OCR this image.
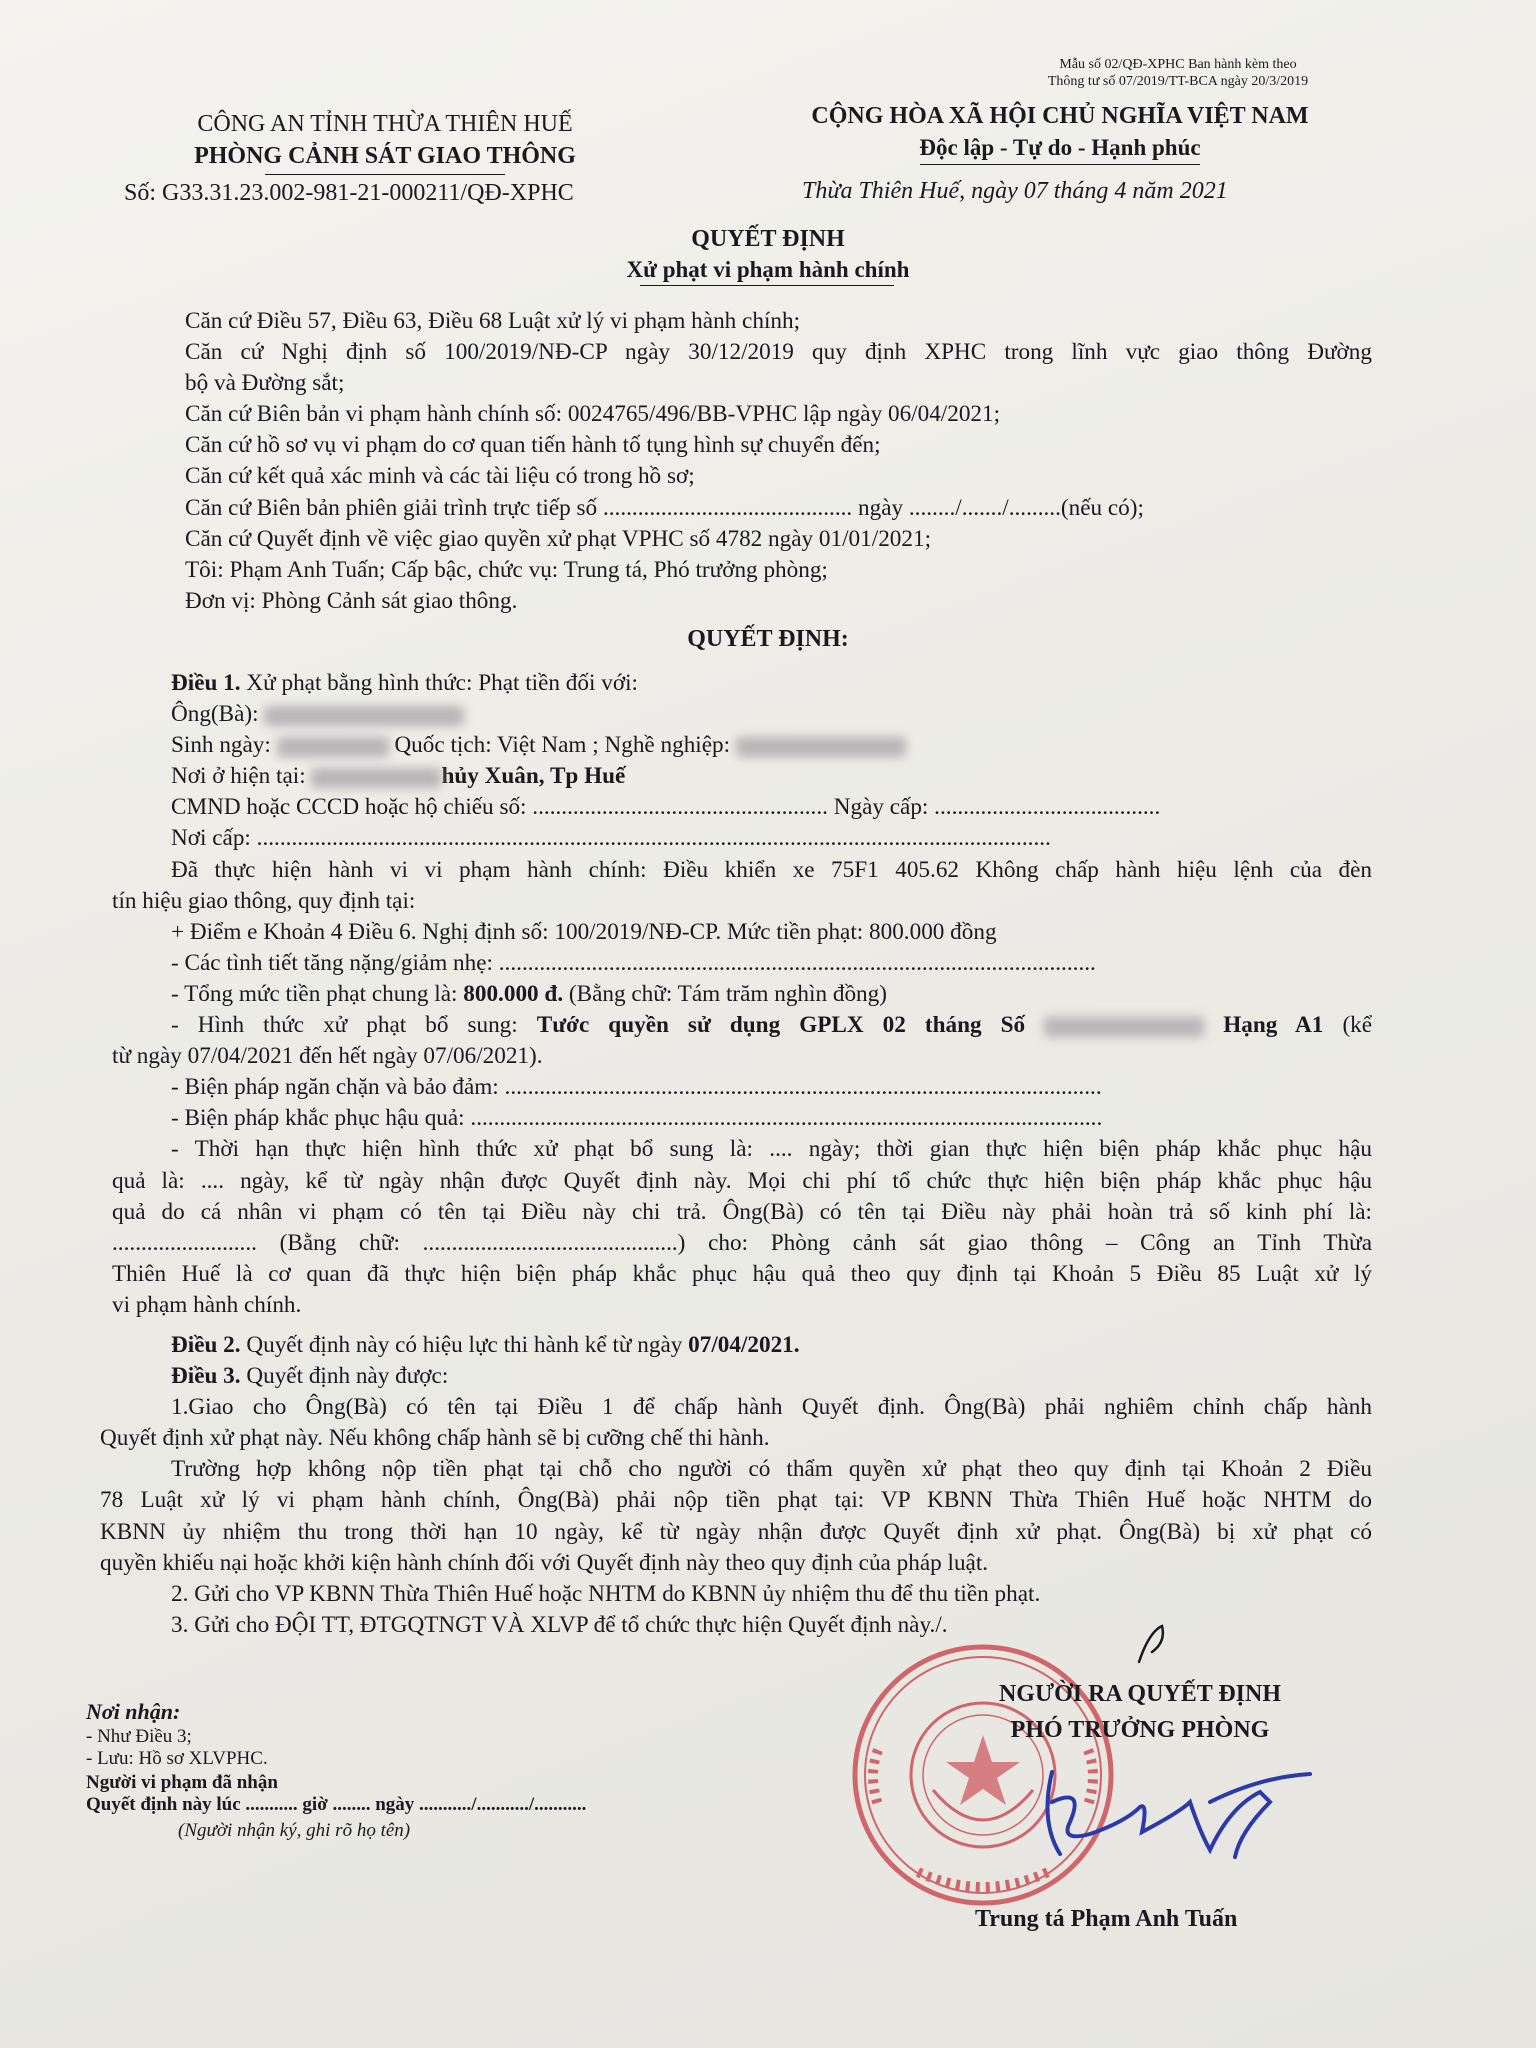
Mẫu số 02/QĐ-XPHC Ban hành kèm theo
Thông tư số 07/2019/TT-BCA ngày 20/3/2019
CÔNG AN TỈNH THỪA THIÊN HUẾ
PHÒNG CẢNH SÁT GIAO THÔNG
Số: G33.31.23.002-981-21-000211/QĐ-XPHC
CỘNG HÒA XÃ HỘI CHỦ NGHĨA VIỆT NAM
Độc lập - Tự do - Hạnh phúc
Thừa Thiên Huế, ngày 07 tháng 4 năm 2021
QUYẾT ĐỊNH
Xử phạt vi phạm hành chính
Căn cứ Điều 57, Điều 63, Điều 68 Luật xử lý vi phạm hành chính;
Căn cứ Nghị định số 100/2019/NĐ-CP ngày 30/12/2019 quy định XPHC trong lĩnh vực giao thông Đường
bộ và Đường sắt;
Căn cứ Biên bản vi phạm hành chính số: 0024765/496/BB-VPHC lập ngày 06/04/2021;
Căn cứ hồ sơ vụ vi phạm do cơ quan tiến hành tố tụng hình sự chuyển đến;
Căn cứ kết quả xác minh và các tài liệu có trong hồ sơ;
Căn cứ Biên bản phiên giải trình trực tiếp số ........................................... ngày ......../......./.........(nếu có);
Căn cứ Quyết định về việc giao quyền xử phạt VPHC số 4782 ngày 01/01/2021;
Tôi: Phạm Anh Tuấn; Cấp bậc, chức vụ: Trung tá, Phó trưởng phòng;
Đơn vị: Phòng Cảnh sát giao thông.
QUYẾT ĐỊNH:
Điều 1. Xử phạt bằng hình thức: Phạt tiền đối với:
Ông(Bà):
Sinh ngày:	Quốc tịch: Việt Nam ; Nghề nghiệp:
Nơi ở hiện tại:	hủy Xuân, Tp Huế
CMND hoặc CCCD hoặc hộ chiếu số: ................................................... Ngày cấp: .......................................
Nơi cấp: .........................................................................................................................................
Đã thực hiện hành vi vi phạm hành chính: Điều khiển xe 75F1 405.62 Không chấp hành hiệu lệnh của đèn
tín hiệu giao thông, quy định tại:
+ Điểm e Khoản 4 Điều 6. Nghị định số: 100/2019/NĐ-CP. Mức tiền phạt: 800.000 đồng
- Các tình tiết tăng nặng/giảm nhẹ: .......................................................................................................
- Tổng mức tiền phạt chung là: 800.000 đ. (Bằng chữ: Tám trăm nghìn đồng)
- Hình thức xử phạt bổ sung: Tước quyền sử dụng GPLX 02 tháng Số	Hạng A1 (kể
từ ngày 07/04/2021 đến hết ngày 07/06/2021).
- Biện pháp ngăn chặn và bảo đảm: .......................................................................................................
- Biện pháp khắc phục hậu quả: .............................................................................................................
- Thời hạn thực hiện hình thức xử phạt bổ sung là: .... ngày; thời gian thực hiện biện pháp khắc phục hậu
quả là: .... ngày, kể từ ngày nhận được Quyết định này. Mọi chi phí tổ chức thực hiện biện pháp khắc phục hậu
quả do cá nhân vi phạm có tên tại Điều này chi trả. Ông(Bà) có tên tại Điều này phải hoàn trả số kinh phí là:
......................... (Bằng chữ: ............................................) cho: Phòng cảnh sát giao thông – Công an Tỉnh Thừa
Thiên Huế là cơ quan đã thực hiện biện pháp khắc phục hậu quả theo quy định tại Khoản 5 Điều 85 Luật xử lý
vi phạm hành chính.
Điều 2. Quyết định này có hiệu lực thi hành kể từ ngày 07/04/2021.
Điều 3. Quyết định này được:
1.Giao cho Ông(Bà) có tên tại Điều 1 để chấp hành Quyết định. Ông(Bà) phải nghiêm chỉnh chấp hành
Quyết định xử phạt này. Nếu không chấp hành sẽ bị cưỡng chế thi hành.
Trường hợp không nộp tiền phạt tại chỗ cho người có thẩm quyền xử phạt theo quy định tại Khoản 2 Điều
78 Luật xử lý vi phạm hành chính, Ông(Bà) phải nộp tiền phạt tại: VP KBNN Thừa Thiên Huế hoặc NHTM do
KBNN ủy nhiệm thu trong thời hạn 10 ngày, kể từ ngày nhận được Quyết định xử phạt. Ông(Bà) bị xử phạt có
quyền khiếu nại hoặc khởi kiện hành chính đối với Quyết định này theo quy định của pháp luật.
2. Gửi cho VP KBNN Thừa Thiên Huế hoặc NHTM do KBNN ủy nhiệm thu để thu tiền phạt.
3. Gửi cho ĐỘI TT, ĐTGQTNGT VÀ XLVP để tổ chức thực hiện Quyết định này./.
Nơi nhận:
- Như Điều 3;
- Lưu: Hồ sơ XLVPHC.
Người vi phạm đã nhận
Quyết định này lúc ........... giờ ........ ngày .........../.........../...........
(Người nhận ký, ghi rõ họ tên)
NGƯỜI RA QUYẾT ĐỊNH
PHÓ TRƯỞNG PHÒNG
Trung tá Phạm Anh Tuấn
